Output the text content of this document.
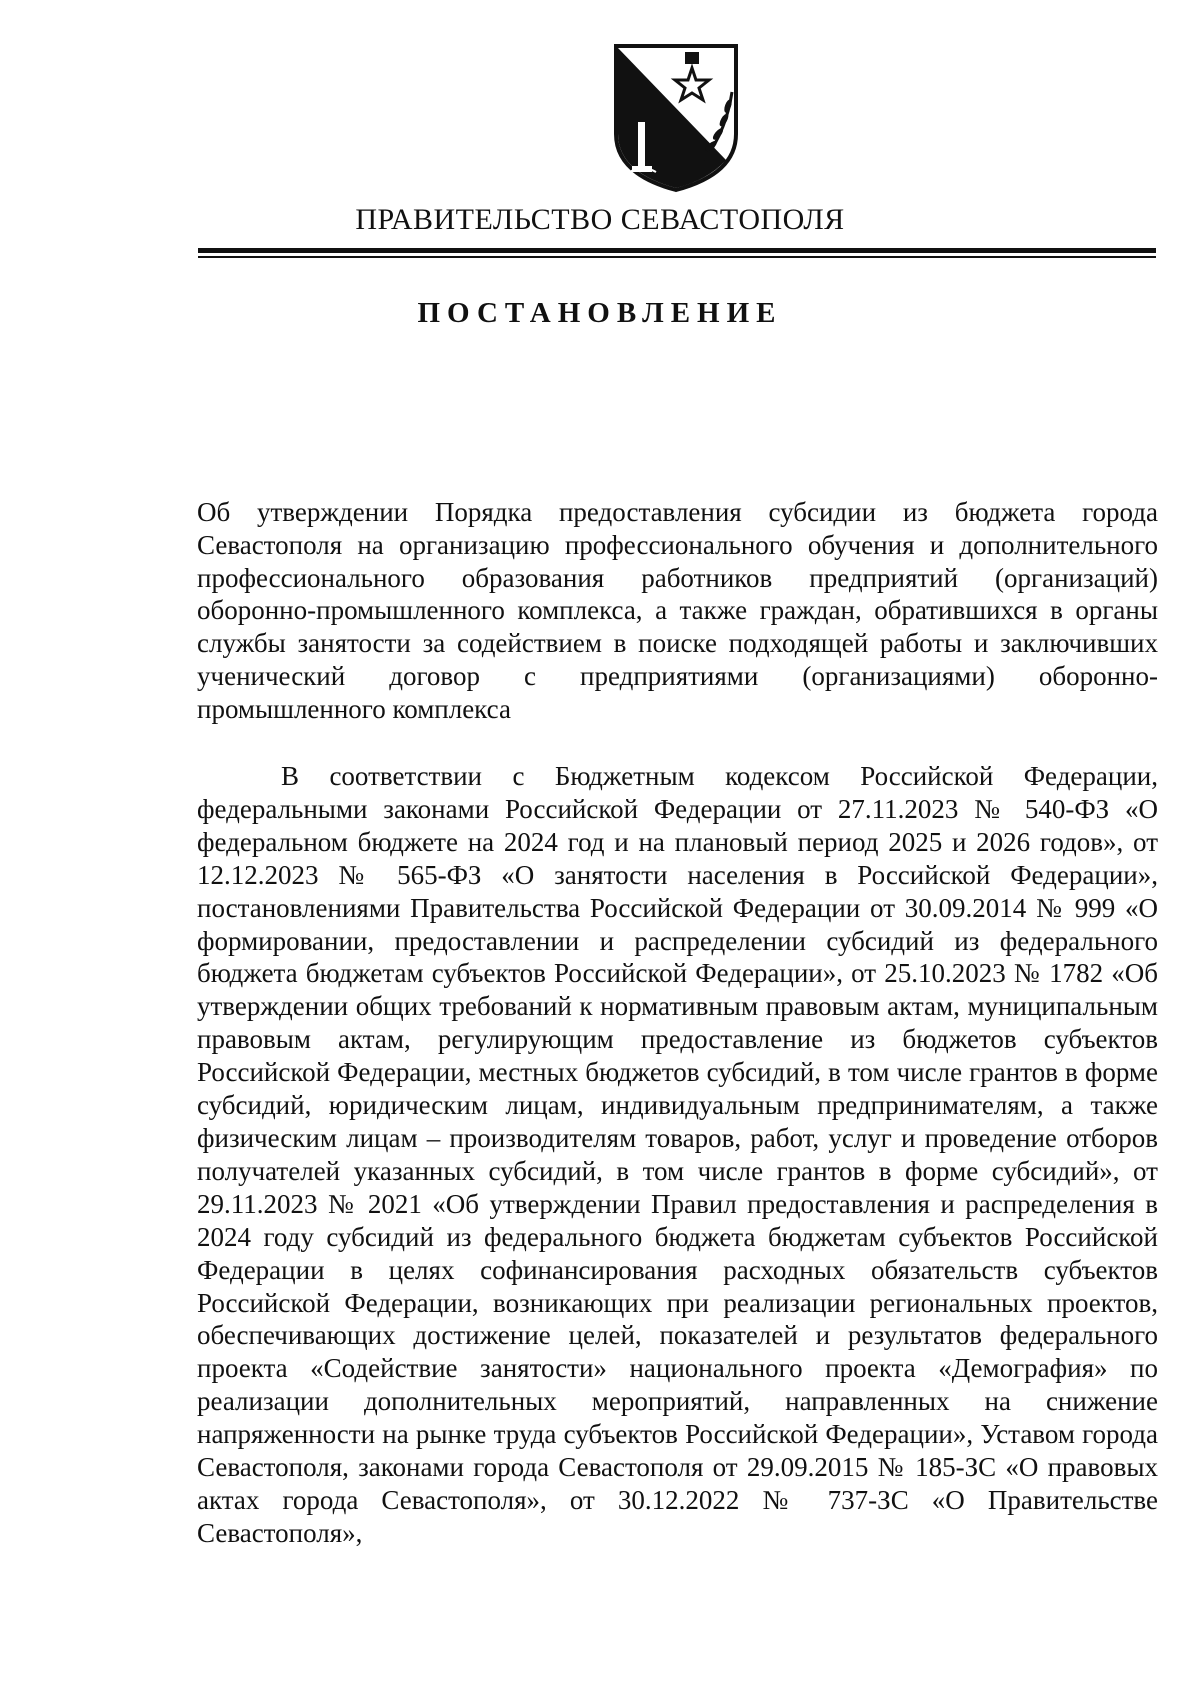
ПРАВИТЕЛЬСТВО СЕВАСТОПОЛЯ
ПОСТАНОВЛЕНИЕ

Об утверждении Порядка предоставления субсидии из бюджета города Севастополя на организацию профессионального обучения и дополнительного профессионального образования работников предприятий (организаций) оборонно-промышленного комплекса, а также граждан, обратившихся в органы службы занятости за содействием в поиске подходящей работы и заключивших ученический договор с предприятиями (организациями) оборонно-промышленного комплекса

В соответствии с Бюджетным кодексом Российской Федерации, федеральными законами Российской Федерации от 27.11.2023 № 540-ФЗ «О федеральном бюджете на 2024 год и на плановый период 2025 и 2026 годов», от 12.12.2023 № 565-ФЗ «О занятости населения в Российской Федерации», постановлениями Правительства Российской Федерации от 30.09.2014 № 999 «О формировании, предоставлении и распределении субсидий из федерального бюджета бюджетам субъектов Российской Федерации», от 25.10.2023 № 1782 «Об утверждении общих требований к нормативным правовым актам, муниципальным правовым актам, регулирующим предоставление из бюджетов субъектов Российской Федерации, местных бюджетов субсидий, в том числе грантов в форме субсидий, юридическим лицам, индивидуальным предпринимателям, а также физическим лицам – производителям товаров, работ, услуг и проведение отборов получателей указанных субсидий, в том числе грантов в форме субсидий», от 29.11.2023 № 2021 «Об утверждении Правил предоставления и распределения в 2024 году субсидий из федерального бюджета бюджетам субъектов Российской Федерации в целях софинансирования расходных обязательств субъектов Российской Федерации, возникающих при реализации региональных проектов, обеспечивающих достижение целей, показателей и результатов федерального проекта «Содействие занятости» национального проекта «Демография» по реализации дополнительных мероприятий, направленных на снижение напряженности на рынке труда субъектов Российской Федерации», Уставом города Севастополя, законами города Севастополя от 29.09.2015 № 185-ЗС «О правовых актах города Севастополя», от 30.12.2022 № 737-ЗС «О Правительстве Севастополя»,
